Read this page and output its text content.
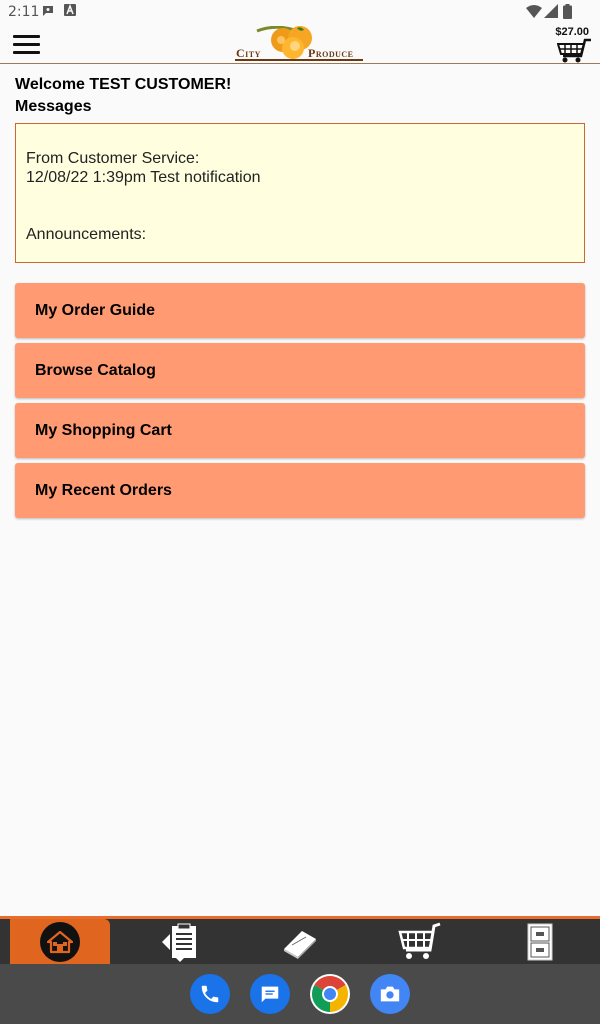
2:11
City	Produce
$27.00
Welcome TEST CUSTOMER!
Messages
From Customer Service:
12/08/22 1:39pm Test notification
Announcements:
My Order Guide
Browse Catalog
My Shopping Cart
My Recent Orders
